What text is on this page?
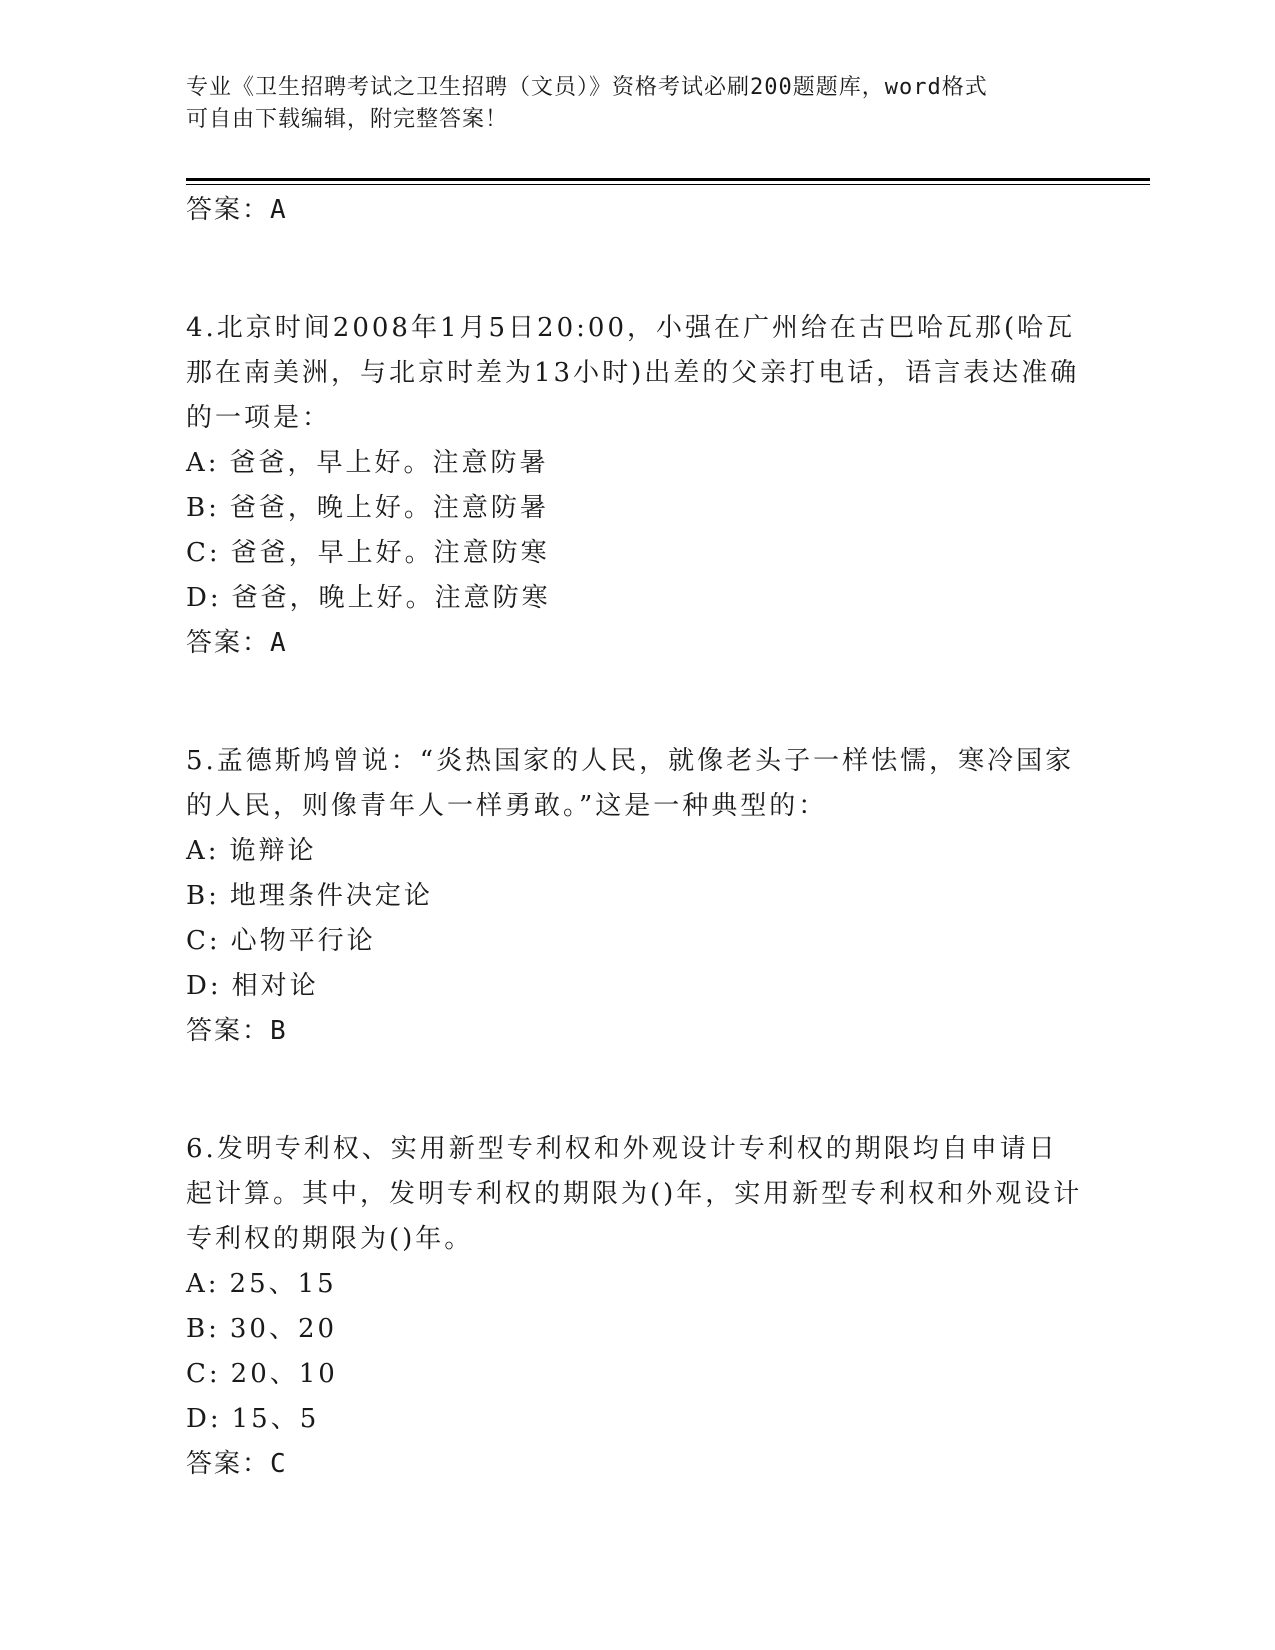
专业《卫生招聘考试之卫生招聘（文员）》资格考试必刷200题题库，word格式
可自由下载编辑，附完整答案！
答案：A
4.北京时间2008年1月5日20:00，小强在广州给在古巴哈瓦那(哈瓦那在南美洲，与北京时差为13小时)出差的父亲打电话，语言表达准确的一项是：
A: 爸爸，早上好。注意防暑
B: 爸爸，晚上好。注意防暑
C: 爸爸，早上好。注意防寒
D: 爸爸，晚上好。注意防寒
答案：A
5.孟德斯鸠曾说：“炎热国家的人民，就像老头子一样怯懦，寒冷国家的人民，则像青年人一样勇敢。”这是一种典型的：
A: 诡辩论
B: 地理条件决定论
C: 心物平行论
D: 相对论
答案：B
6.发明专利权、实用新型专利权和外观设计专利权的期限均自申请日起计算。其中，发明专利权的期限为()年，实用新型专利权和外观设计专利权的期限为()年。
A: 25、15
B: 30、20
C: 20、10
D: 15、5
答案：C
